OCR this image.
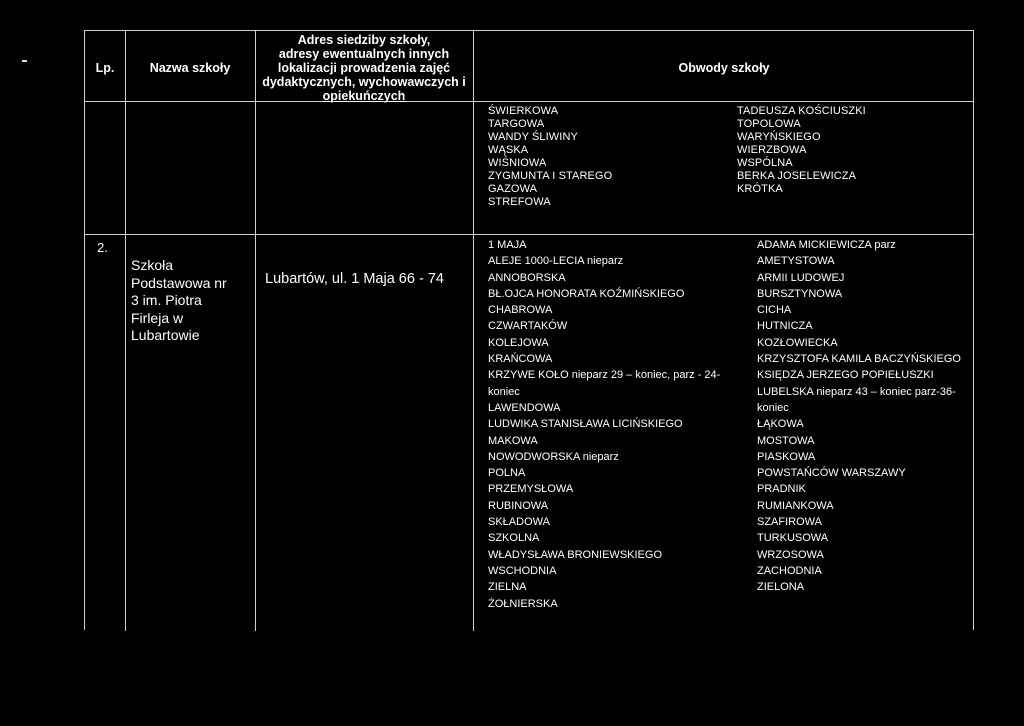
Lp.	Nazwa szkoły
Adres siedziby szkoły,
adresy ewentualnych innych
lokalizacji prowadzenia zajęć
dydaktycznych, wychowawczych i
opiekuńczych
Obwody szkoły
ŚWIERKOWA
TARGOWA
WANDY ŚLIWINY
WĄSKA
WIŚNIOWA
ZYGMUNTA I STAREGO
GAZOWA
STREFOWA
TADEUSZA KOŚCIUSZKI
TOPOLOWA
WARYŃSKIEGO
WIERZBOWA
WSPÓLNA
BERKA JOSELEWICZA
KRÓTKA
2.
Szkoła
Podstawowa nr
3 im. Piotra
Firleja w
Lubartowie
Lubartów, ul. 1 Maja 66 - 74
1 MAJA
ALEJE 1000-LECIA nieparz
ANNOBORSKA
BŁ.OJCA HONORATA KOŹMIŃSKIEGO
CHABROWA
CZWARTAKÓW
KOLEJOWA
KRAŃCOWA
KRZYWE KOŁO nieparz 29 – koniec, parz - 24-
koniec
LAWENDOWA
LUDWIKA STANISŁAWA LICIŃSKIEGO
MAKOWA
NOWODWORSKA nieparz
POLNA
PRZEMYSŁOWA
RUBINOWA
SKŁADOWA
SZKOLNA
WŁADYSŁAWA BRONIEWSKIEGO
WSCHODNIA
ZIELNA
ŻOŁNIERSKA
ADAMA MICKIEWICZA parz
AMETYSTOWA
ARMII LUDOWEJ
BURSZTYNOWA
CICHA
HUTNICZA
KOZŁOWIECKA
KRZYSZTOFA KAMILA BACZYŃSKIEGO
KSIĘDZA JERZEGO POPIEŁUSZKI
LUBELSKA nieparz 43 – koniec parz-36-
koniec
ŁĄKOWA
MOSTOWA
PIASKOWA
POWSTAŃCÓW WARSZAWY
PRADNIK
RUMIANKOWA
SZAFIROWA
TURKUSOWA
WRZOSOWA
ZACHODNIA
ZIELONA
